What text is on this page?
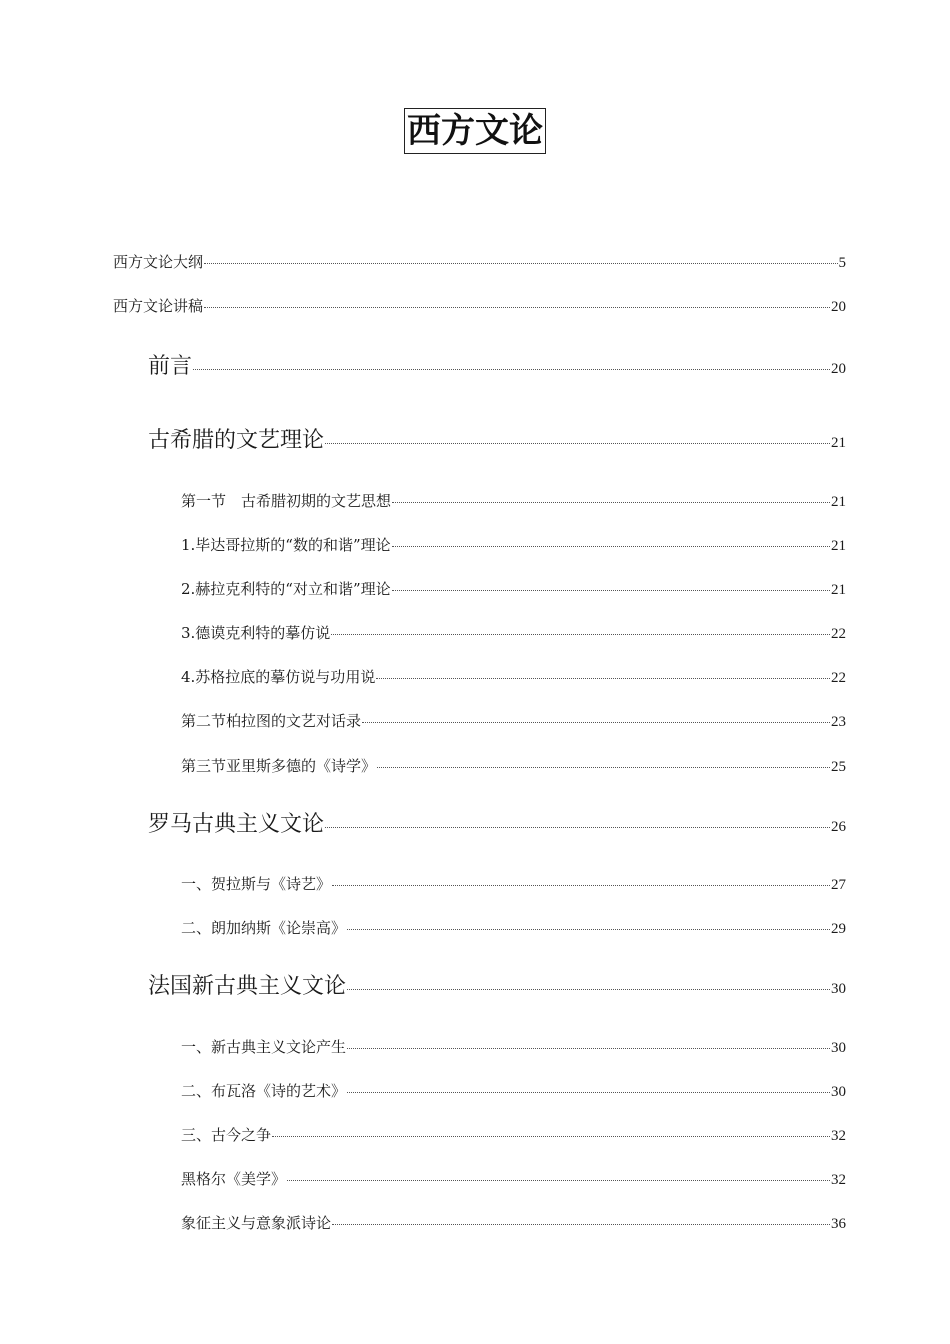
西方文论
西方文论大纲	5
西方文论讲稿	20
前言	20
古希腊的文艺理论	21
第一节　古希腊初期的文艺思想	21
1.毕达哥拉斯的“数的和谐”理论	21
2.赫拉克利特的“对立和谐”理论	21
3.德谟克利特的摹仿说	22
4.苏格拉底的摹仿说与功用说	22
第二节柏拉图的文艺对话录	23
第三节亚里斯多德的《诗学》	25
罗马古典主义文论	26
一、贺拉斯与《诗艺》	27
二、朗加纳斯《论崇高》	29
法国新古典主义文论	30
一、新古典主义文论产生	30
二、布瓦洛《诗的艺术》	30
三、古今之争	32
黑格尔《美学》	32
象征主义与意象派诗论	36
